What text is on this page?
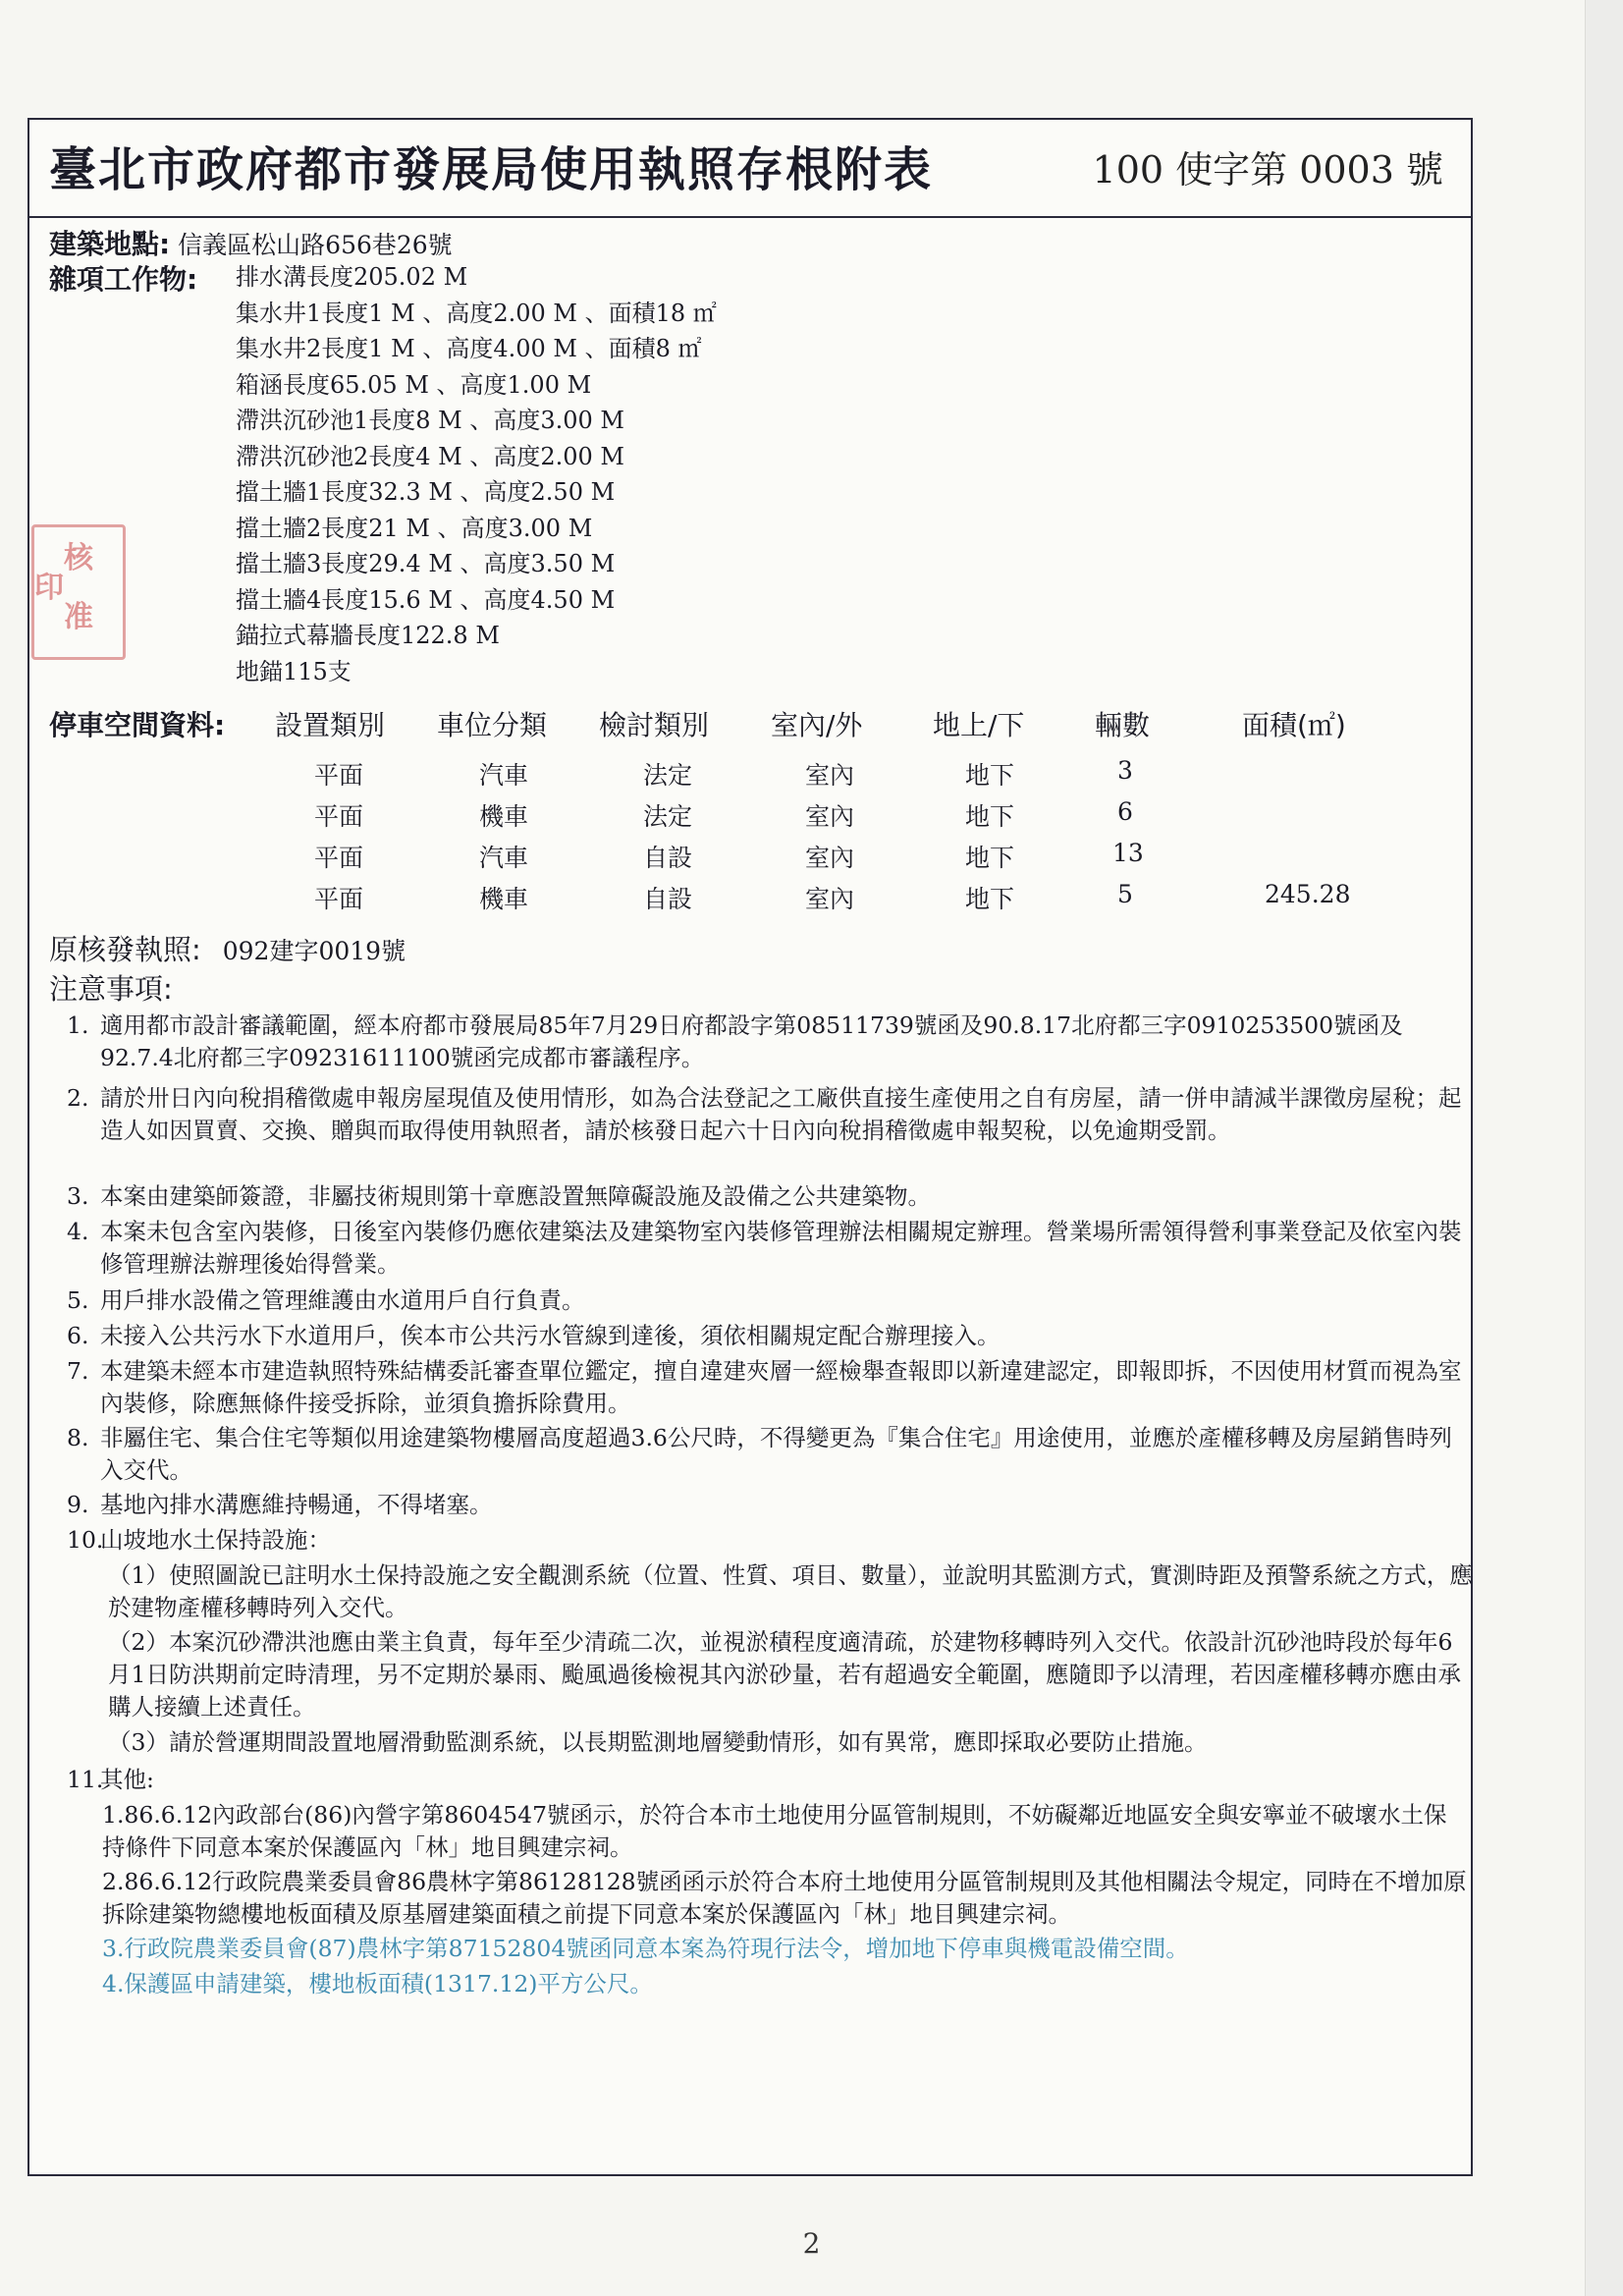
臺北市政府都市發展局使用執照存根附表	100 使字第 0003 號
核
准
印
建築地點: 信義區松山路656巷26號
雜項工作物: 排水溝長度205.02 M
集水井1長度1 M 、高度2.00 M 、面積18 ㎡
集水井2長度1 M 、高度4.00 M 、面積8 ㎡
箱涵長度65.05 M 、高度1.00 M
滯洪沉砂池1長度8 M 、高度3.00 M
滯洪沉砂池2長度4 M 、高度2.00 M
擋土牆1長度32.3 M 、高度2.50 M
擋土牆2長度21 M 、高度3.00 M
擋土牆3長度29.4 M 、高度3.50 M
擋土牆4長度15.6 M 、高度4.50 M
錨拉式幕牆長度122.8 M
地錨115支
停車空間資料: 設置類別 車位分類 檢討類別 室內/外	地上/下	輛數	面積(㎡)
平面	汽車	法定	室內	地下	3
平面	機車	法定	室內	地下	6
平面	汽車	自設	室內	地下	13
平面	機車	自設	室內	地下	5	245.28
原核發執照: 092建字0019號
注意事項:
1. 適用都市設計審議範圍，經本府都市發展局85年7月29日府都設字第08511739號函及90.8.17北府都三字0910253500號函及92.7.4北府都三字09231611100號函完成都市審議程序。
2. 請於卅日內向稅捐稽徵處申報房屋現值及使用情形，如為合法登記之工廠供直接生產使用之自有房屋，請一併申請減半課徵房屋稅；起造人如因買賣、交換、贈與而取得使用執照者，請於核發日起六十日內向稅捐稽徵處申報契稅，以免逾期受罰。
3. 本案由建築師簽證，非屬技術規則第十章應設置無障礙設施及設備之公共建築物。
4. 本案未包含室內裝修，日後室內裝修仍應依建築法及建築物室內裝修管理辦法相關規定辦理。營業場所需領得營利事業登記及依室內裝修管理辦法辦理後始得營業。
5. 用戶排水設備之管理維護由水道用戶自行負責。
6. 未接入公共污水下水道用戶，俟本市公共污水管線到達後，須依相關規定配合辦理接入。
7. 本建築未經本市建造執照特殊結構委託審查單位鑑定，擅自違建夾層一經檢舉查報即以新違建認定，即報即拆，不因使用材質而視為室內裝修，除應無條件接受拆除，並須負擔拆除費用。
8. 非屬住宅、集合住宅等類似用途建築物樓層高度超過3.6公尺時，不得變更為『集合住宅』用途使用，並應於產權移轉及房屋銷售時列入交代。
9. 基地內排水溝應維持暢通，不得堵塞。
10.
山坡地水土保持設施：
（1）使照圖說已註明水土保持設施之安全觀測系統（位置、性質、項目、數量），並說明其監測方式，實測時距及預警系統之方式，應於建物產權移轉時列入交代。
（2）本案沉砂滯洪池應由業主負責，每年至少清疏二次，並視淤積程度適清疏，於建物移轉時列入交代。依設計沉砂池時段於每年6月1日防洪期前定時清理，另不定期於暴雨、颱風過後檢視其內淤砂量，若有超過安全範圍，應隨即予以清理，若因產權移轉亦應由承購人接續上述責任。
（3）請於營運期間設置地層滑動監測系統，以長期監測地層變動情形，如有異常，應即採取必要防止措施。
11.
其他:
1.86.6.12內政部台(86)內營字第8604547號函示，於符合本市土地使用分區管制規則，不妨礙鄰近地區安全與安寧並不破壞水土保持條件下同意本案於保護區內「林」地目興建宗祠。
2.86.6.12行政院農業委員會86農林字第86128128號函函示於符合本府土地使用分區管制規則及其他相關法令規定，同時在不增加原拆除建築物總樓地板面積及原基層建築面積之前提下同意本案於保護區內「林」地目興建宗祠。
3.行政院農業委員會(87)農林字第87152804號函同意本案為符現行法令，增加地下停車與機電設備空間。
4.保護區申請建築，樓地板面積(1317.12)平方公尺。
2
